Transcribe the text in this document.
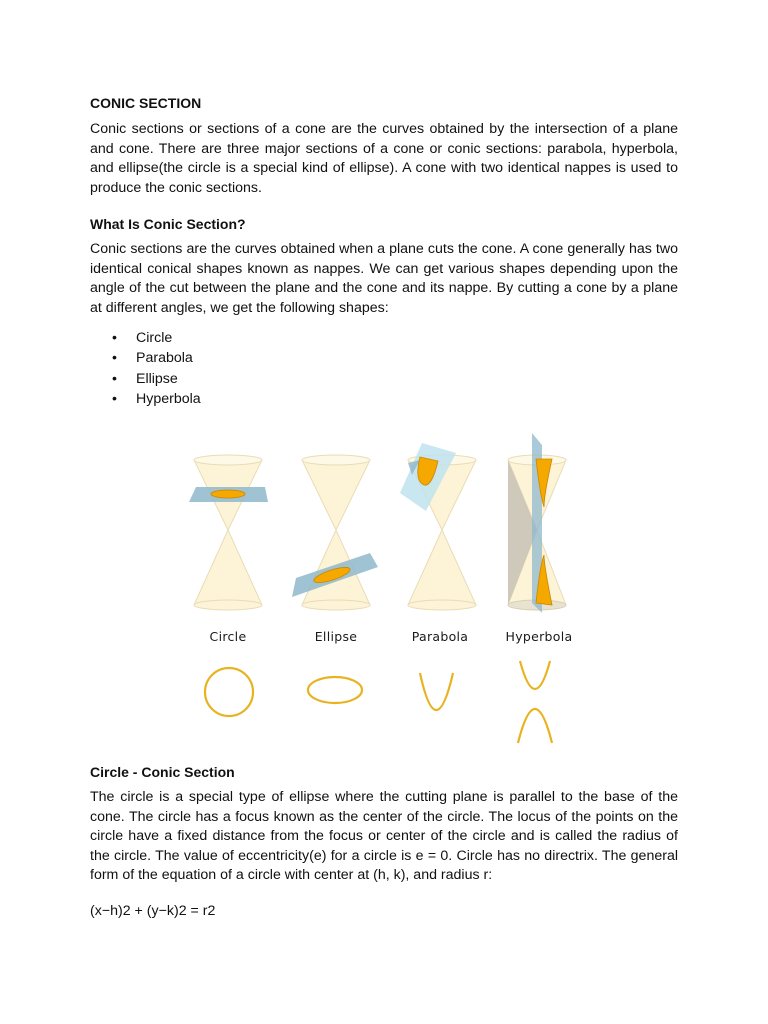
CONIC SECTION

Conic sections or sections of a cone are the curves obtained by the intersection of a plane and cone. There are three major sections of a cone or conic sections: parabola, hyperbola, and ellipse(the circle is a special kind of ellipse). A cone with two identical nappes is used to produce the conic sections.

What Is Conic Section?

Conic sections are the curves obtained when a plane cuts the cone. A cone generally has two identical conical shapes known as nappes. We can get various shapes depending upon the angle of the cut between the plane and the cone and its nappe. By cutting a cone by a plane at different angles, we get the following shapes:

• Circle
• Parabola
• Ellipse
• Hyperbola
Circle	Ellipse	Parabola	Hyperbola
Circle - Conic Section

The circle is a special type of ellipse where the cutting plane is parallel to the base of the cone. The circle has a focus known as the center of the circle. The locus of the points on the circle have a fixed distance from the focus or center of the circle and is called the radius of the circle. The value of eccentricity(e) for a circle is e = 0. Circle has no directrix. The general form of the equation of a circle with center at (h, k), and radius r:

(x−h)2 + (y−k)2 = r2
